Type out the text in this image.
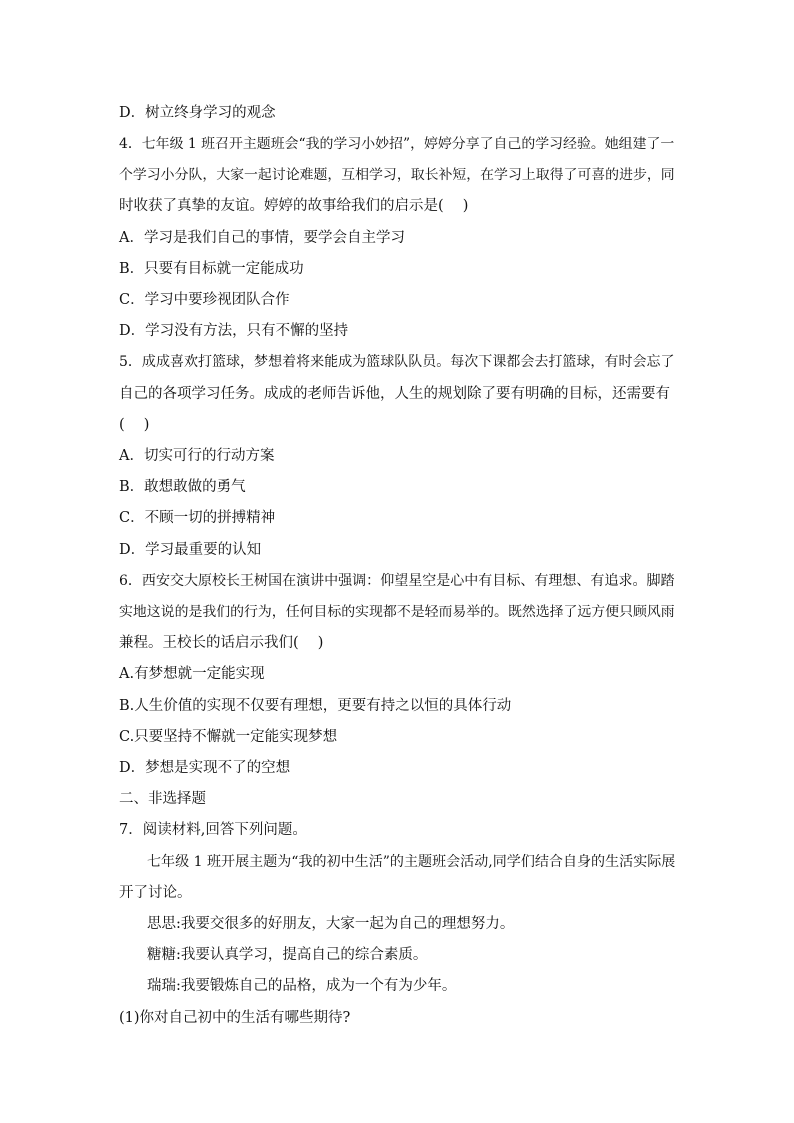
D．树立终身学习的观念
4．七年级 1 班召开主题班会“我的学习小妙招”，婷婷分享了自己的学习经验。她组建了一
个学习小分队，大家一起讨论难题，互相学习，取长补短，在学习上取得了可喜的进步，同
时收获了真挚的友谊。婷婷的故事给我们的启示是(　 )
A．学习是我们自己的事情，要学会自主学习
B．只要有目标就一定能成功
C．学习中要珍视团队合作
D．学习没有方法，只有不懈的坚持
5．成成喜欢打篮球，梦想着将来能成为篮球队队员。每次下课都会去打篮球，有时会忘了
自己的各项学习任务。成成的老师告诉他，人生的规划除了要有明确的目标，还需要有
(　 )
A．切实可行的行动方案
B．敢想敢做的勇气
C．不顾一切的拼搏精神
D．学习最重要的认知
6．西安交大原校长王树国在演讲中强调：仰望星空是心中有目标、有理想、有追求。脚踏
实地这说的是我们的行为，任何目标的实现都不是轻而易举的。既然选择了远方便只顾风雨
兼程。王校长的话启示我们(　 )
A.有梦想就一定能实现
B.人生价值的实现不仅要有理想，更要有持之以恒的具体行动
C.只要坚持不懈就一定能实现梦想
D．梦想是实现不了的空想
二、非选择题
7．阅读材料,回答下列问题。
七年级 1 班开展主题为“我的初中生活”的主题班会活动,同学们结合自身的生活实际展
开了讨论。
思思:我要交很多的好朋友，大家一起为自己的理想努力。
糖糖:我要认真学习，提高自己的综合素质。
瑞瑞:我要锻炼自己的品格，成为一个有为少年。
(1)你对自己初中的生活有哪些期待?
